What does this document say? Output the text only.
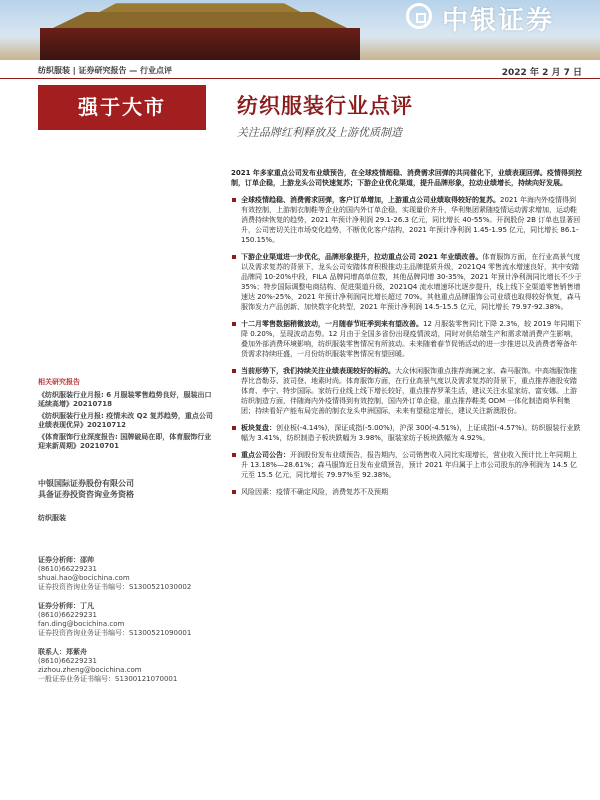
中银证券
纺织服装 | 证券研究报告 — 行业点评	2022 年 2 月 7 日
强于大市	纺织服装行业点评
关注品牌红利释放及上游优质制造
相关研究报告
《纺织服装行业月报: 6 月服装零售趋势良好，服装出口延续高增》20210718
《纺织服装行业月报: 疫情未改 Q2 复苏趋势，重点公司业绩表现优异》20210712
《体育服饰行业深度报告: 国牌破局在即，体育服饰行业迎来新周期》20210701
中银国际证券股份有限公司
具备证券投资咨询业务资格
纺织服装
证券分析师：邵帅
(8610)66229231
shuai.hao@bocichina.com
证券投资咨询业务证书编号：S1300521030002
证券分析师：丁凡
(8610)66229231
fan.ding@bocichina.com
证券投资咨询业务证书编号：S1300521090001
联系人：郑紫舟
(8610)66229231
zizhou.zheng@bocichina.com
一般证券业务证书编号：S1300121070001
2021 年多家重点公司发布业绩预告，在全球疫情超稳、消费需求回弹的共同催化下，业绩表现回弹。疫情得到控制，订单企稳，上游龙头公司快速复苏；下游企业优化渠道，提升品牌形象，拉动业绩增长，持续向好发展。
全球疫情趋稳、消费需求回弹，客户订单增加，上游重点公司业绩取得较好的复苏。2021 年海内外疫情得到有效控制，上游制衣制鞋等企业的国内外订单企稳，实现量价齐升，华利集团紧随疫情运动需求增加，运动鞋消费持续恢复的趋势，2021 年预计净利润 29.1-26.3 亿元，同比增长 40-55%。开润股份 2B 订单也显著回升，公司密切关注市场变化趋势，不断优化客户结构，2021 年预计净利润 1.45-1.95 亿元，同比增长 86.1-150.15%。
下游企业渠道进一步优化，品牌形象提升，拉动重点公司 2021 年业绩改善。体育服饰方面，在行业高景气度以及需求复苏的背景下，龙头公司安踏体育积极推动主品牌提质升级，2021Q4 零售流水增速良好，其中安踏品牌同 10-20%中段，FILA 品牌同增高单位数，其他品牌同增 30-35%，2021 年预计净利润同比增长不少于 35%；特步国际调整电商结构、促进渠道升级，2021Q4 流水增速环比逐步提升，线上线下全渠道零售销售增速达 20%-25%，2021 年预计净利润同比增长超过 70%。其他重点品牌服饰公司业绩也取得较好恢复，森马服饰发力产品创新、加快数字化转型，2021 年预计净利润 14.5-15.5 亿元，同比增长 79.97-92.38%。
十二月零售数据稍微波动，一月随春节旺季到来有望改善。12 月服装零售同比下降 2.3%，较 2019 年同期下降 0.20%，呈现波动态势。12 月由于全国多省份出现疫情波动，同时对供给端生产和需求端消费产生影响，叠加外部消费环境影响，纺织服装零售情况有所波动。未来随着春节促销活动的进一步推进以及消费者筹备年货需求持续旺盛，一月份纺织服装零售情况有望回暖。
当前形势下，我们持续关注业绩表现较好的标的。大众休闲服饰重点推荐海澜之家、森马服饰。中高端服饰推荐比音勒芬、波司登、地素时尚。体育服饰方面，在行业高景气度以及需求复苏的背景下，重点推荐港股安踏体育、李宁、特步国际。家纺行业线上线下增长较好，重点推荐罗莱生活，建议关注水星家纺、富安娜。上游纺织制造方面，伴随海内外疫情得到有效控制，国内外订单企稳，重点推荐鞋类 ODM 一体化制造商华利集团；持续看好产能布局完善的制衣龙头申洲国际，未来有望稳定增长，建议关注新澳股份。
板块复盘：创业板(-4.14%)，深证成指(-5.00%)，沪深 300(-4.51%)，上证成指(-4.57%)。纺织服装行业跌幅为 3.41%，纺织制造子板块跌幅为 3.98%，服装家纺子板块跌幅为 4.92%。
重点公司公告：开润股份发布业绩预告，报告期内，公司销售收入同比实现增长，营业收入预计比上年同期上升 13.18%—28.61%；森马服饰近日发布业绩预告，预计 2021 年归属于上市公司股东的净利润为 14.5 亿元至 15.5 亿元，同比增长 79.97%至 92.38%。
风险因素：疫情不确定风险，消费复苏不及预期
